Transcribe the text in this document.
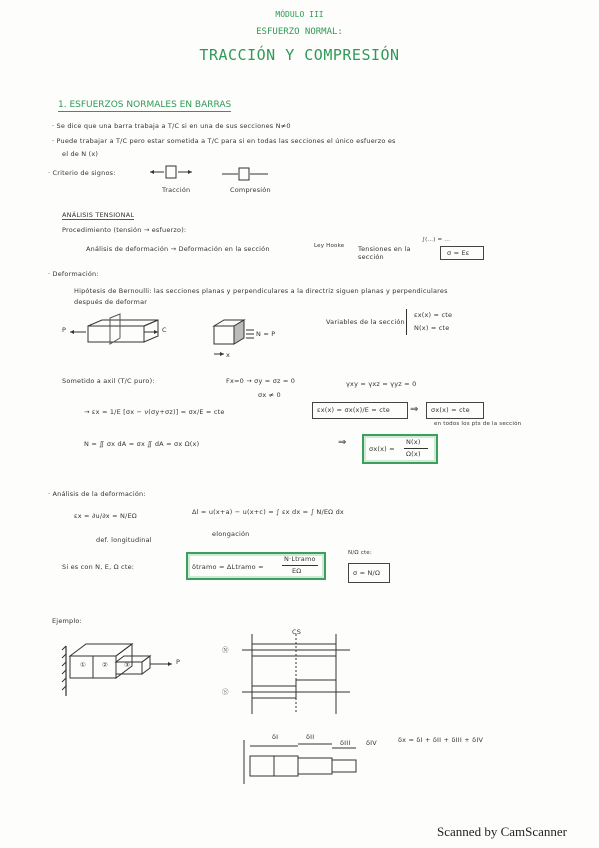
MÓDULO III
ESFUERZO NORMAL:
TRACCIÓN Y COMPRESIÓN
1. ESFUERZOS NORMALES EN BARRAS
· Se dice que una barra trabaja a T/C si en una de sus secciones N≠0
· Puede trabajar a T/C pero estar sometida a T/C para si en todas las secciones el único esfuerzo es
el de N (x)
· Criterio de signos:
Tracción	Compresión
ANÁLISIS TENSIONAL
Procedimiento (tensión → esfuerzo):
Análisis de deformación → Deformación en la sección	Ley Hooke Tensiones en la sección
∫(...) = ...
σ = Eε
· Deformación:
Hipótesis de Bernoulli: las secciones planas y perpendiculares a la directriz siguen planas y perpendiculares
después de deformar
P	C	N = P
x
Variables de la sección
εx(x) = cte
N(x) = cte
Sometido a axil (T/C puro):	Fx=0 → σy = σz = 0	γxy = γxz = γyz = 0
σx ≠ 0
→ εx = 1/E [σx − ν(σy+σz)] = σx/E = cte	εx(x) = σx(x)/E = cte ⇒ σx(x) = cte
en todos los pts de la sección
N = ∬ σx dA = σx ∬ dA = σx Ω(x)	⇒
σx(x) =
N(x)
Ω(x)
· Análisis de la deformación:
εx = ∂u/∂x = N/EΩ	Δl = u(x+a) − u(x+c) = ∫ εx dx = ∫ N/EΩ dx
def. longitudinal
elongación
Si es con N, E, Ω cte:	δtramo = ΔLtramo =
N·Ltramo
EΩ
N/Ω cte:
σ = N/Ω
Ejemplo:
① ② ③	P
CS
Ⓝ
Ⓢ
δx = δI + δII + δIII + δIV
δI	δII
δIII δIV
Scanned by CamScanner
